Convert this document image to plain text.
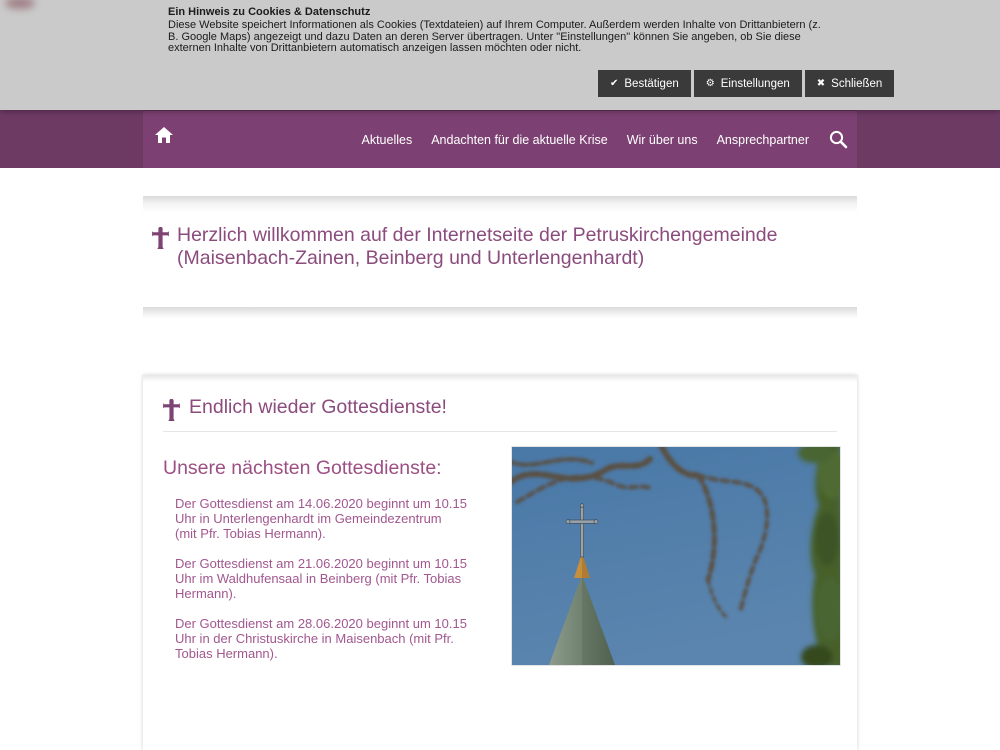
Ein Hinweis zu Cookies & Datenschutz

Diese Website speichert Informationen als Cookies (Textdateien) auf Ihrem Computer. Außerdem werden Inhalte von Drittanbietern (z. B. Google Maps) angezeigt und dazu Daten an deren Server übertragen. Unter "Einstellungen" können Sie angeben, ob Sie diese externen Inhalte von Drittanbietern automatisch anzeigen lassen möchten oder nicht.

✔ Bestätigen	⚙ Einstellungen	✖ Schließen
Aktuelles Andachten für die aktuelle Krise Wir über uns Ansprechpartner
Herzlich willkommen auf der Internetseite der Petruskirchengemeinde (Maisenbach-Zainen, Beinberg und Unterlengenhardt)
Endlich wieder Gottesdienste!
Unsere nächsten Gottesdienste:

Der Gottesdienst am 14.06.2020 beginnt um 10.15
Uhr in Unterlengenhardt im Gemeindezentrum
(mit Pfr. Tobias Hermann).

Der Gottesdienst am 21.06.2020 beginnt um 10.15
Uhr im Waldhufensaal in Beinberg (mit Pfr. Tobias
Hermann).

Der Gottesdienst am 28.06.2020 beginnt um 10.15
Uhr in der Christuskirche in Maisenbach (mit Pfr.
Tobias Hermann).
